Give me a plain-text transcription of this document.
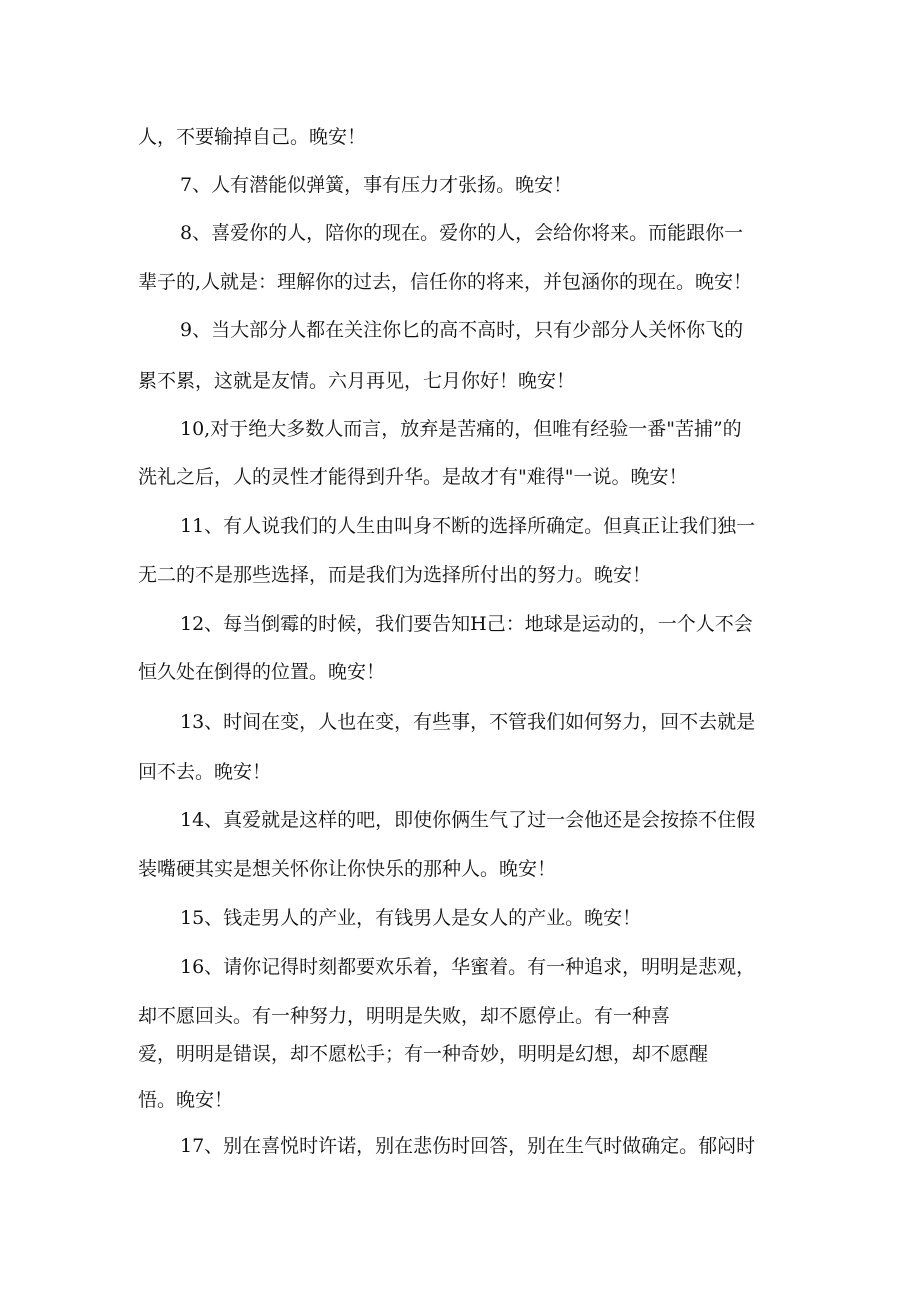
人，不要输掉自己。晚安！
7、人有潜能似弹簧，事有压力才张扬。晚安！
8、喜爱你的人，陪你的现在。爱你的人，会给你将来。而能跟你一
辈子的,人就是：理解你的过去，信任你的将来，并包涵你的现在。晚安！
9、当大部分人都在关注你匕的高不高时，只有少部分人关怀你飞的
累不累，这就是友情。六月再见，七月你好！晚安！
10,对于绝大多数人而言，放弃是苦痛的，但唯有经验一番"苦捕”的
洗礼之后，人的灵性才能得到升华。是故才有"难得"一说。晚安！
11、有人说我们的人生由叫身不断的选择所确定。但真正让我们独一
无二的不是那些选择，而是我们为选择所付出的努力。晚安！
12、每当倒霉的时候，我们要告知H己：地球是运动的，一个人不会
恒久处在倒得的位置。晚安！
13、时间在变，人也在变，有些事，不管我们如何努力，回不去就是
回不去。晚安！
14、真爱就是这样的吧，即使你俩生气了过一会他还是会按捺不住假
装嘴硬其实是想关怀你让你快乐的那种人。晚安！
15、钱走男人的产业，有钱男人是女人的产业。晚安！
16、请你记得时刻都要欢乐着，华蜜着。有一种追求，明明是悲观，
却不愿回头。有一种努力，明明是失败，却不愿停止。有一种喜
爱，明明是错误，却不愿松手；有一种奇妙，明明是幻想，却不愿醒
悟。晚安！
17、别在喜悦时许诺，别在悲伤时回答，别在生气时做确定。郁闷时
